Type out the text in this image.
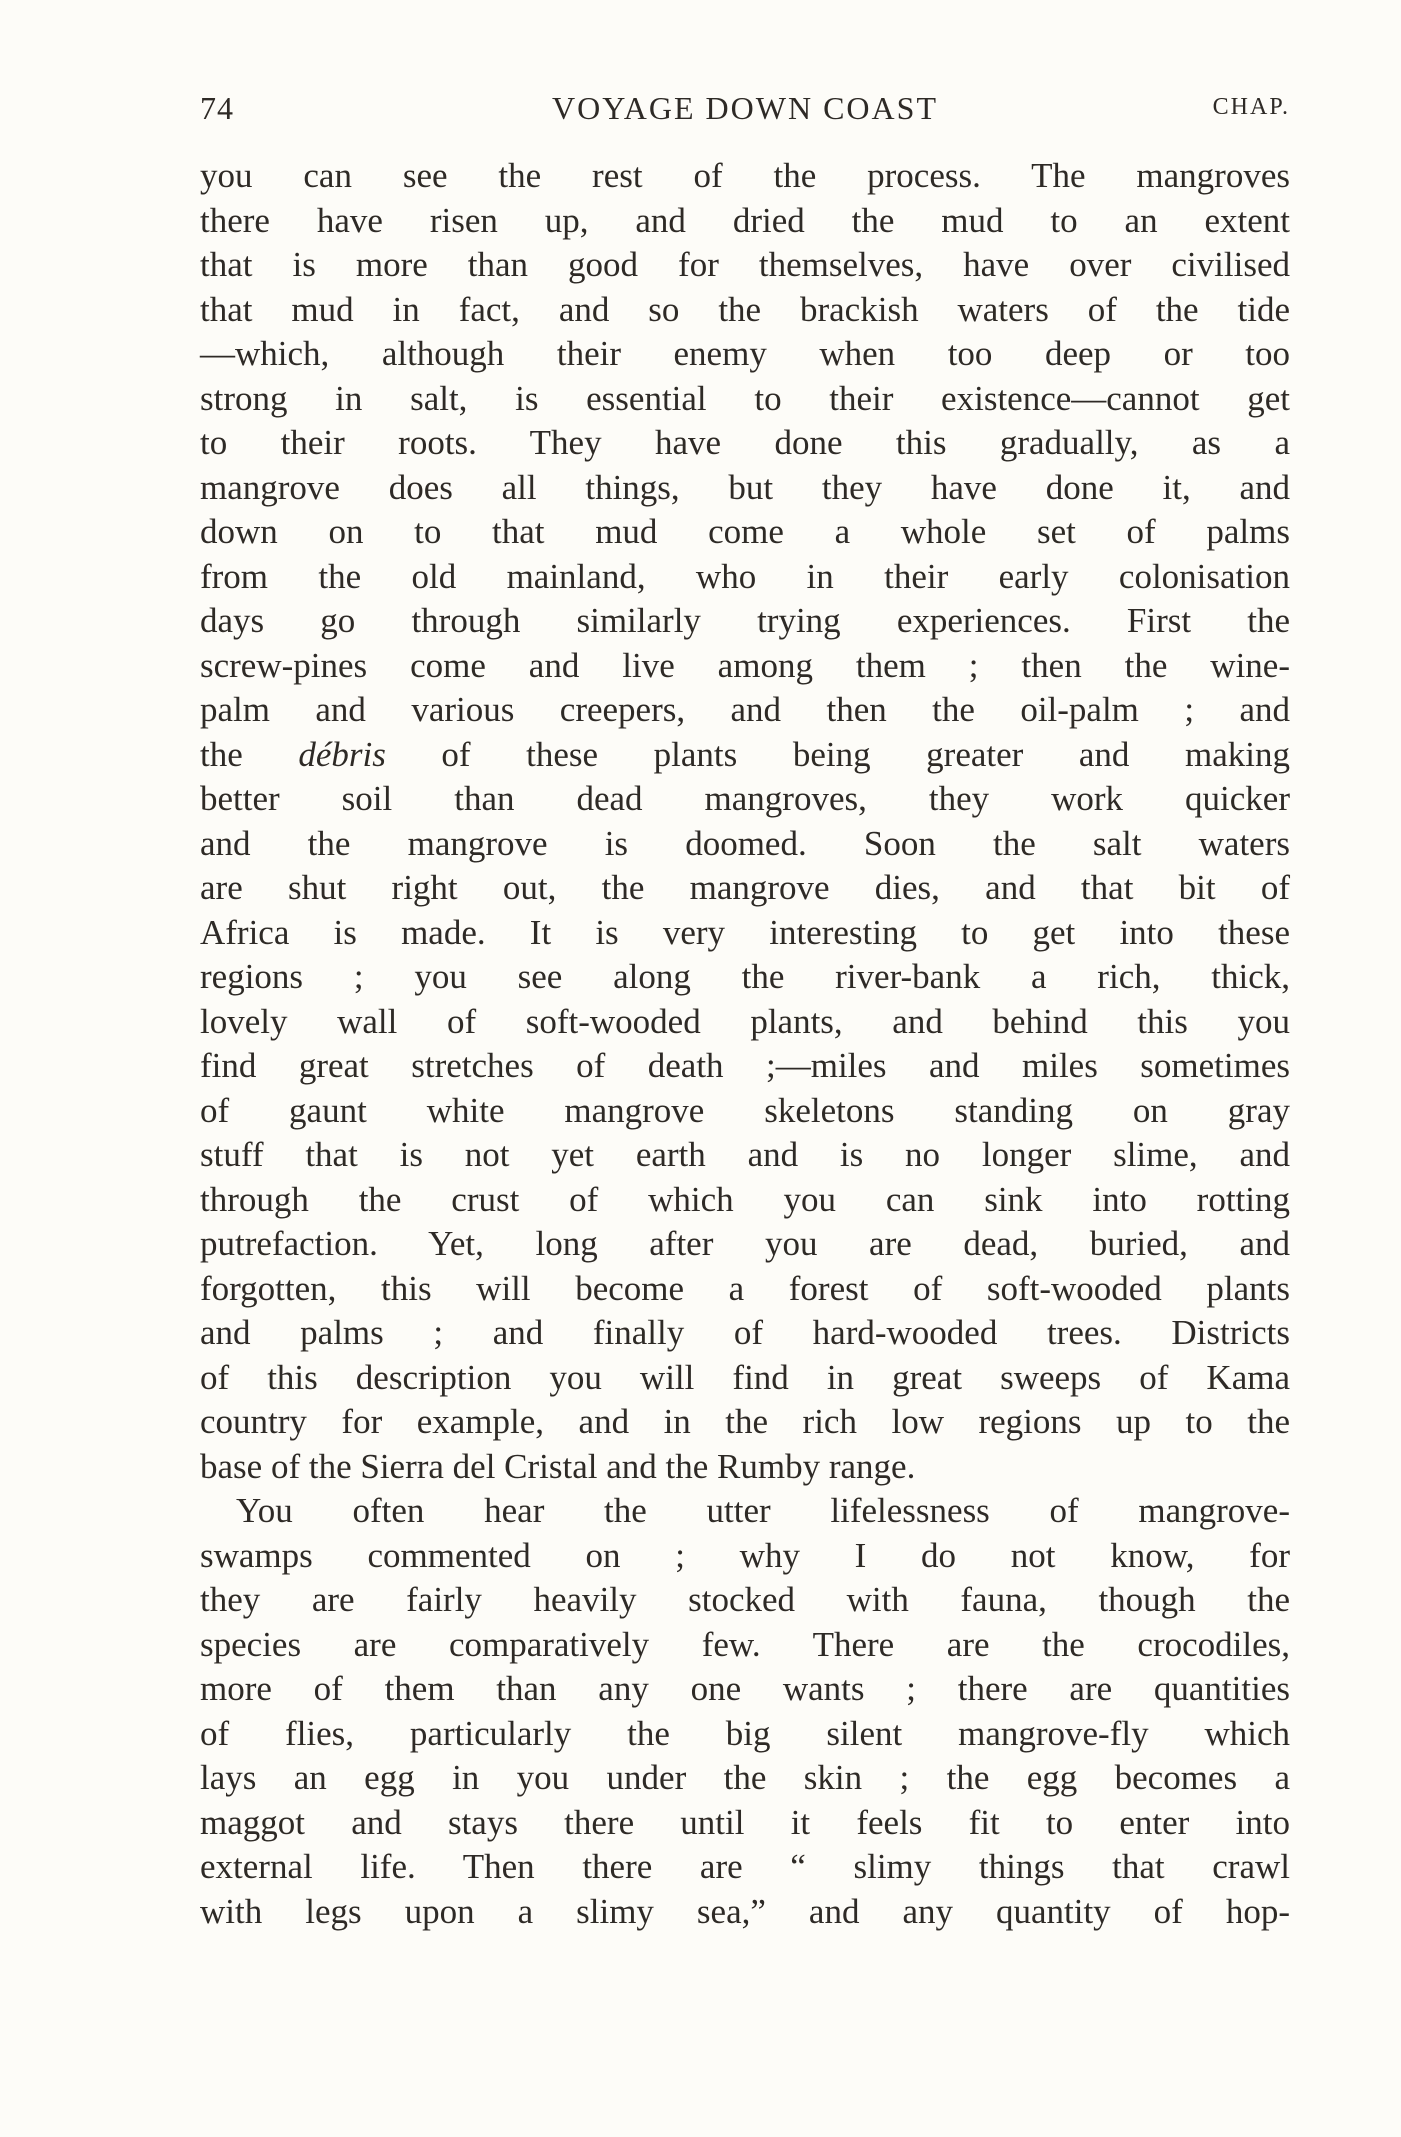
74	VOYAGE DOWN COAST	CHAP.
you can see the rest of the process. The mangroves
there have risen up, and dried the mud to an extent
that is more than good for themselves, have over civilised
that mud in fact, and so the brackish waters of the tide
—which, although their enemy when too deep or too
strong in salt, is essential to their existence—cannot get
to their roots. They have done this gradually, as a
mangrove does all things, but they have done it, and
down on to that mud come a whole set of palms
from the old mainland, who in their early colonisation
days go through similarly trying experiences. First the
screw-pines come and live among them ; then the wine-
palm and various creepers, and then the oil-palm ; and
the débris of these plants being greater and making
better soil than dead mangroves, they work quicker
and the mangrove is doomed. Soon the salt waters
are shut right out, the mangrove dies, and that bit of
Africa is made. It is very interesting to get into these
regions ; you see along the river-bank a rich, thick,
lovely wall of soft-wooded plants, and behind this you
find great stretches of death ;—miles and miles sometimes
of gaunt white mangrove skeletons standing on gray
stuff that is not yet earth and is no longer slime, and
through the crust of which you can sink into rotting
putrefaction. Yet, long after you are dead, buried, and
forgotten, this will become a forest of soft-wooded plants
and palms ; and finally of hard-wooded trees. Districts
of this description you will find in great sweeps of Kama
country for example, and in the rich low regions up to the
base of the Sierra del Cristal and the Rumby range.
You often hear the utter lifelessness of mangrove-
swamps commented on ; why I do not know, for
they are fairly heavily stocked with fauna, though the
species are comparatively few. There are the crocodiles,
more of them than any one wants ; there are quantities
of flies, particularly the big silent mangrove-fly which
lays an egg in you under the skin ; the egg becomes a
maggot and stays there until it feels fit to enter into
external life. Then there are “ slimy things that crawl
with legs upon a slimy sea,” and any quantity of hop-
